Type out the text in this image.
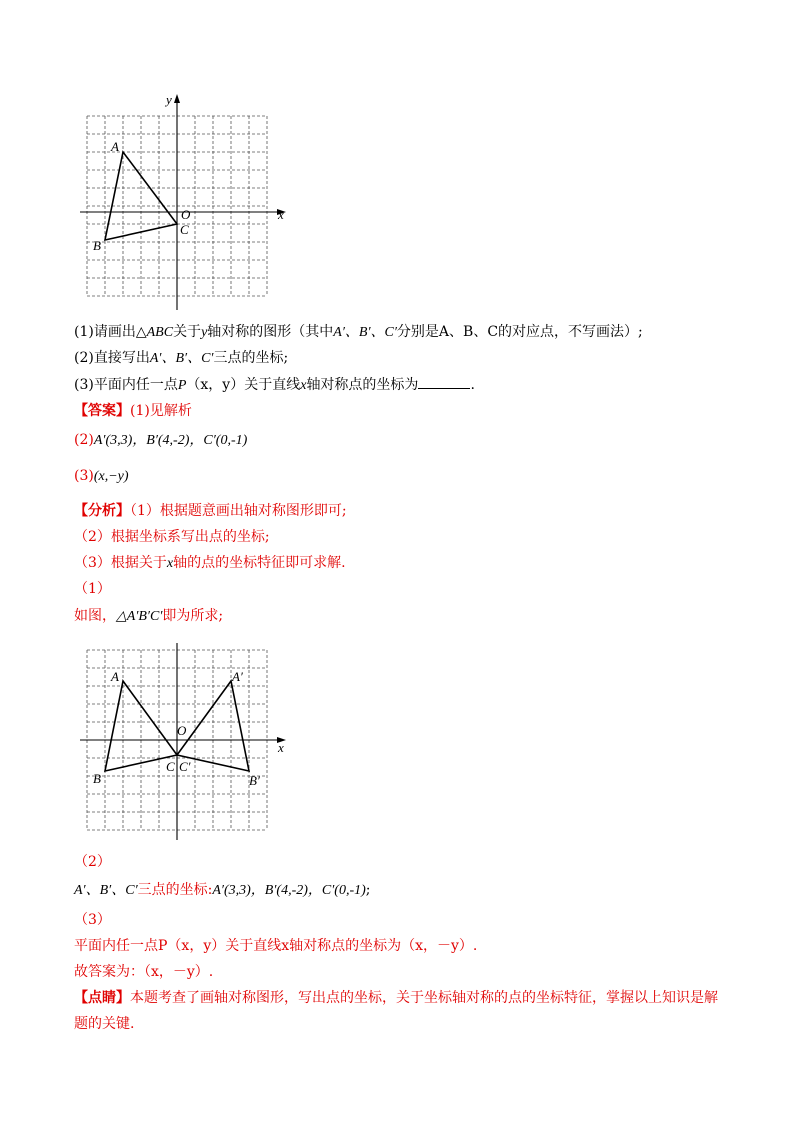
y
x
O
A
B
C
(1)请画出△ABC关于y轴对称的图形（其中A′、B′、C′分别是A、B、C的对应点，不写画法）;
(2)直接写出A′、B′、C′三点的坐标;
(3)平面内任一点P（x，y）关于直线x轴对称点的坐标为	.
【答案】(1)见解析
(2)A′(3,3)，B′(4,-2)，C′(0,-1)
(3)(x,−y)
【分析】（1）根据题意画出轴对称图形即可;
（2）根据坐标系写出点的坐标;
（3）根据关于x轴的点的坐标特征即可求解.
（1）
如图，△A′B′C′即为所求;
x
O
A
B
C
A′
B′
C′
（2）
A′、B′、C′三点的坐标:A′(3,3)，B′(4,-2)，C′(0,-1);
（3）
平面内任一点P（x，y）关于直线x轴对称点的坐标为（x，－y）.
故答案为：（x，－y）.
【点睛】本题考查了画轴对称图形，写出点的坐标，关于坐标轴对称的点的坐标特征，掌握以上知识是解
题的关键.
